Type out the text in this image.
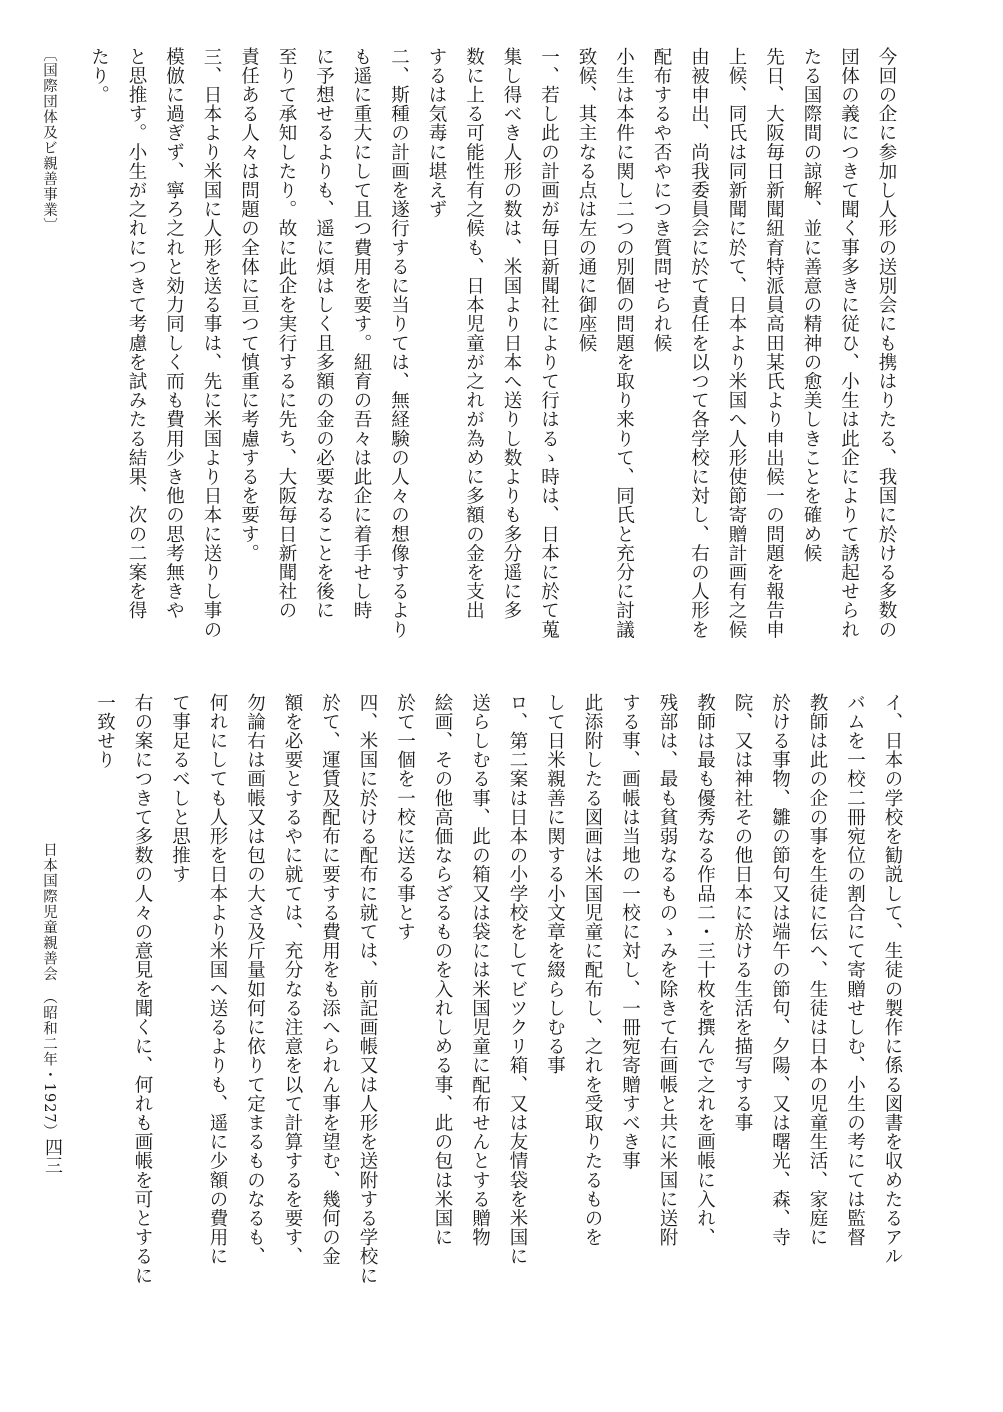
今回の企に参加し人形の送別会にも携はりたる、我国に於ける多数の
団体の義につきて聞く事多きに従ひ、小生は此企によりて誘起せられ
たる国際間の諒解、並に善意の精神の愈美しきことを確め候
先日、大阪毎日新聞紐育特派員高田某氏より申出候一の問題を報告申
上候、同氏は同新聞に於て、日本より米国へ人形使節寄贈計画有之候
由被申出、尚我委員会に於て責任を以つて各学校に対し、右の人形を
配布するや否やにつき質問せられ候
小生は本件に関し二つの別個の問題を取り来りて、同氏と充分に討議
致候、其主なる点は左の通に御座候
一、若し此の計画が毎日新聞社によりて行はるゝ時は、日本に於て蒐
集し得べき人形の数は、米国より日本へ送りし数よりも多分遥に多
数に上る可能性有之候も、日本児童が之れが為めに多額の金を支出
するは気毒に堪えず
二、斯種の計画を遂行するに当りては、無経験の人々の想像するより
も遥に重大にして且つ費用を要す。紐育の吾々は此企に着手せし時
に予想せるよりも、遥に煩はしく且多額の金の必要なることを後に
至りて承知したり。故に此企を実行するに先ち、大阪毎日新聞社の
責任ある人々は問題の全体に亘つて慎重に考慮するを要す。
三、日本より米国に人形を送る事は、先に米国より日本に送りし事の
模倣に過ぎず、寧ろ之れと効力同しく而も費用少き他の思考無きや
と思推す。小生が之れにつきて考慮を試みたる結果、次の二案を得
たり。
イ、日本の学校を勧説して、生徒の製作に係る図書を収めたるアル
バムを一校二冊宛位の割合にて寄贈せしむ、小生の考にては監督
教師は此の企の事を生徒に伝へ、生徒は日本の児童生活、家庭に
於ける事物、雛の節句又は端午の節句、夕陽、又は曙光、森、寺
院、又は神社その他日本に於ける生活を描写する事
教師は最も優秀なる作品二・三十枚を撰んで之れを画帳に入れ、
残部は、最も貧弱なるものゝみを除きて右画帳と共に米国に送附
する事、画帳は当地の一校に対し、一冊宛寄贈すべき事
此添附したる図画は米国児童に配布し、之れを受取りたるものを
して日米親善に関する小文章を綴らしむる事
ロ、第二案は日本の小学校をしてビツクリ箱、又は友情袋を米国に
送らしむる事、此の箱又は袋には米国児童に配布せんとする贈物
絵画、その他高価ならざるものを入れしめる事、此の包は米国に
於て一個を一校に送る事とす
四、米国に於ける配布に就ては、前記画帳又は人形を送附する学校に
於て、運賃及配布に要する費用をも添へられん事を望む、幾何の金
額を必要とするやに就ては、充分なる注意を以て計算するを要す、
勿論右は画帳又は包の大さ及斤量如何に依りて定まるものなるも、
何れにしても人形を日本より米国へ送るよりも、遥に少額の費用に
て事足るべしと思推す
右の案につきて多数の人々の意見を聞くに、何れも画帳を可とするに
一致せり
〔国際団体及ビ親善事業〕
日本国際児童親善会　（昭和二年・1927）
四三
